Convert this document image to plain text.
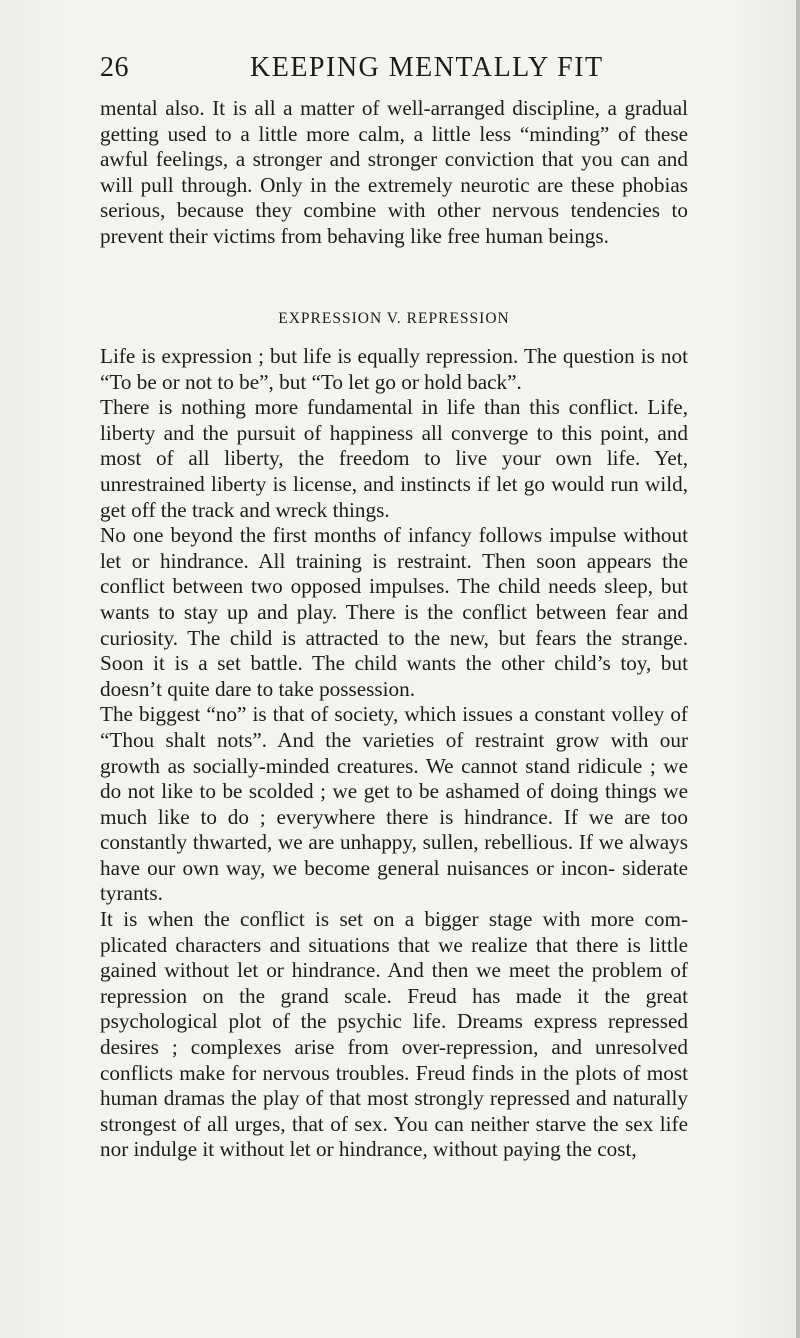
26	KEEPING MENTALLY FIT

mental also. It is all a matter of well-arranged discipline, a gradual getting used to a little more calm, a little less “minding” of these awful feelings, a stronger and stronger conviction that you can and will pull through. Only in the extremely neurotic are these phobias serious, because they combine with other nervous tendencies to prevent their victims from behaving like free human beings.

EXPRESSION V. REPRESSION

Life is expression ; but life is equally repression. The question is not “To be or not to be”, but “To let go or hold back”.

There is nothing more fundamental in life than this conflict. Life, liberty and the pursuit of happiness all converge to this point, and most of all liberty, the freedom to live your own life. Yet, unrestrained liberty is license, and instincts if let go would run wild, get off the track and wreck things.

No one beyond the first months of infancy follows impulse without let or hindrance. All training is restraint. Then soon appears the conflict between two opposed impulses. The child needs sleep, but wants to stay up and play. There is the conflict between fear and curiosity. The child is attracted to the new, but fears the strange. Soon it is a set battle. The child wants the other child’s toy, but doesn’t quite dare to take possession.

The biggest “no” is that of society, which issues a constant volley of “Thou shalt nots”. And the varieties of restraint grow with our growth as socially-minded creatures. We cannot stand ridicule ; we do not like to be scolded ; we get to be ashamed of doing things we much like to do ; everywhere there is hindrance. If we are too constantly thwarted, we are unhappy, sullen, rebellious. If we always have our own way, we become general nuisances or incon- siderate tyrants.

It is when the conflict is set on a bigger stage with more com- plicated characters and situations that we realize that there is little gained without let or hindrance. And then we meet the problem of repression on the grand scale. Freud has made it the great psychological plot of the psychic life. Dreams express repressed desires ; complexes arise from over-repression, and unresolved conflicts make for nervous troubles. Freud finds in the plots of most human dramas the play of that most strongly repressed and naturally strongest of all urges, that of sex. You can neither starve the sex life nor indulge it without let or hindrance, without paying the cost,
